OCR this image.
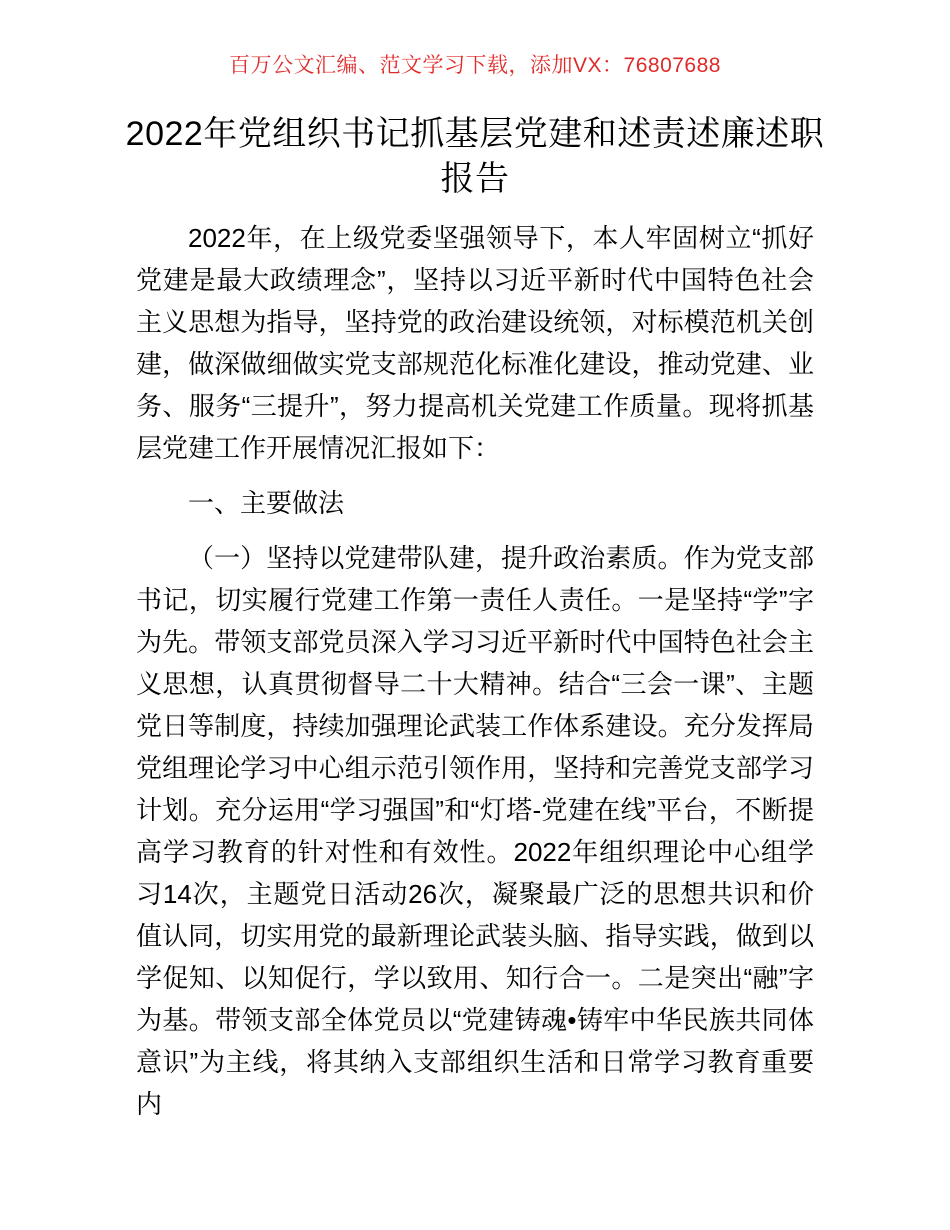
百万公文汇编、范文学习下载，添加VX：76807688
2022年党组织书记抓基层党建和述责述廉述职报告

2022年，在上级党委坚强领导下，本人牢固树立“抓好党建是最大政绩理念”，坚持以习近平新时代中国特色社会主义思想为指导，坚持党的政治建设统领，对标模范机关创建，做深做细做实党支部规范化标准化建设，推动党建、业务、服务“三提升”，努力提高机关党建工作质量。现将抓基层党建工作开展情况汇报如下：

一、主要做法

（一）坚持以党建带队建，提升政治素质。作为党支部书记，切实履行党建工作第一责任人责任。一是坚持“学”字为先。带领支部党员深入学习习近平新时代中国特色社会主义思想，认真贯彻督导二十大精神。结合“三会一课”、主题党日等制度，持续加强理论武装工作体系建设。充分发挥局党组理论学习中心组示范引领作用，坚持和完善党支部学习计划。充分运用“学习强国”和“灯塔-党建在线”平台，不断提高学习教育的针对性和有效性。2022年组织理论中心组学习14次，主题党日活动26次，凝聚最广泛的思想共识和价值认同，切实用党的最新理论武装头脑、指导实践，做到以学促知、以知促行，学以致用、知行合一。二是突出“融”字为基。带领支部全体党员以“党建铸魂•铸牢中华民族共同体意识”为主线，将其纳入支部组织生活和日常学习教育重要内
